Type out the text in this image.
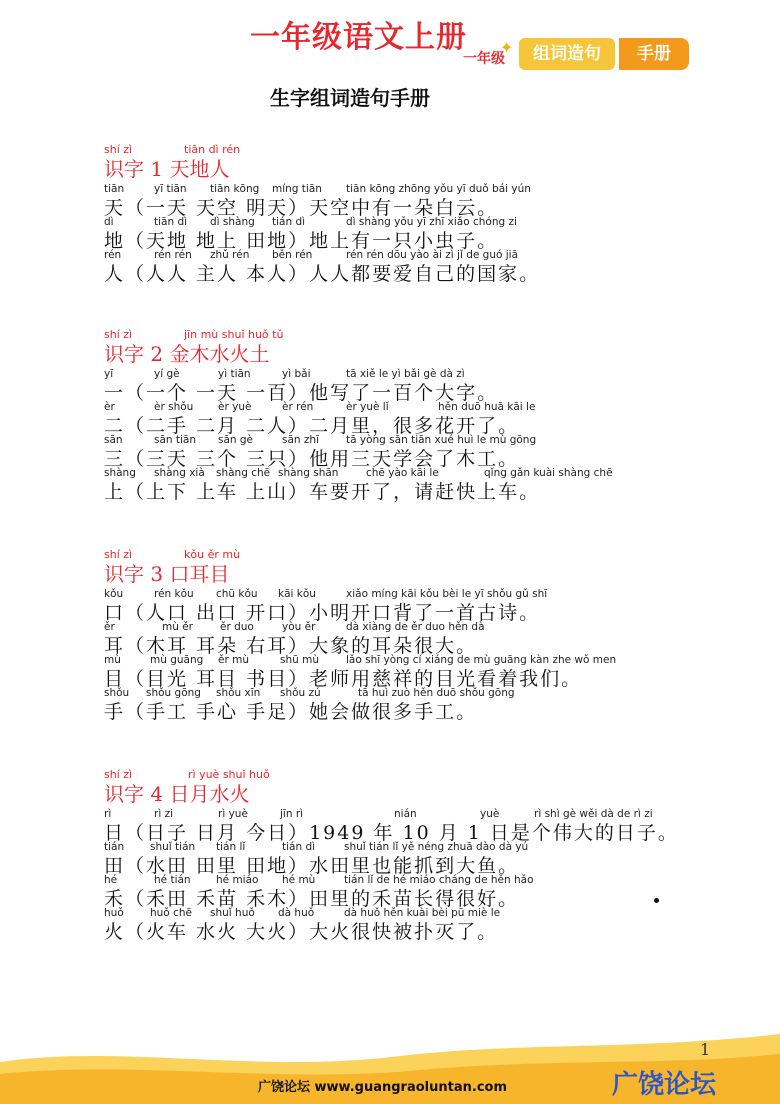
一年级语文上册
一年级
✦	组词造句	手册
生字组词造句手册
shí zì	tiān dì rén
识字 1 天地人
tiān	yī tiān tiān kōng míng tiān tiān kōng zhōng yǒu yī duǒ bái yún
天（一天 天空 明天）天空中有一朵白云。
dì	tiān dì dì shàng tián dì	dì shàng yǒu yī zhī xiǎo chóng zi
地（天地 地上 田地）地上有一只小虫子。
rén	rén rén zhǔ rén běn rén	rén rén dōu yào ài zì jǐ de guó jiā
人（人人 主人 本人）人人都要爱自己的国家。
shí zì	jīn mù shuǐ huǒ tǔ
识字 2 金木水火土
yī	yí gè	yì tiān	yì bǎi	tā xiě le yì bǎi gè dà zì
一（一个 一天 一百）他写了一百个大字。
èr	èr shǒu èr yuè	èr rén	èr yuè lǐ	hěn duō huā kāi le
二（二手 二月 二人）二月里，很多花开了。
sān	sān tiān sān gè	sān zhī	tā yòng sān tiān xué huì le mù gōng
三（三天 三个 三只）他用三天学会了木工。
shàng shàng xià shàng chē shàng shān	chē yào kāi le	qǐng gǎn kuài shàng chē
上（上下 上车 上山）车要开了，请赶快上车。
shí zì	kǒu ěr mù
识字 3 口耳目
kǒu	rén kǒu chū kǒu kāi kǒu	xiǎo míng kāi kǒu bèi le yī shǒu gǔ shī
口（人口 出口 开口）小明开口背了一首古诗。
ěr	mù ěr	ěr duo	yòu ěr	dà xiàng de ěr duo hěn dà
耳（木耳 耳朵 右耳）大象的耳朵很大。
mù	mù guāng ěr mù	shū mù	lǎo shī yòng cí xiáng de mù guāng kàn zhe wǒ men
目（目光 耳目 书目）老师用慈祥的目光看着我们。
shǒu shǒu gōng shǒu xīn shǒu zú	tā huì zuò hěn duō shǒu gōng
手（手工 手心 手足）她会做很多手工。
shí zì	rì yuè shuǐ huǒ
识字 4 日月水火
rì	rì zi	rì yuè	jīn rì	nián	yuè	rì shì gè wěi dà de rì zi
日（日子 日月 今日）1949 年 10 月 1 日是个伟大的日子。
tián shuǐ tián tián lǐ	tián dì	shuǐ tián lǐ yě néng zhuā dào dà yú
田（水田 田里 田地）水田里也能抓到大鱼。
hé	hé tián hé miáo hé mù	tián lǐ de hé miáo cháng de hěn hǎo
禾（禾田 禾苗 禾木）田里的禾苗长得很好。
huǒ	huǒ chē shuǐ huǒ dà huǒ	dà huǒ hěn kuài bèi pū miè le
火（火车 水火 大火）大火很快被扑灭了。
1
广饶论坛 www.guangraoluntan.com	广饶论坛
